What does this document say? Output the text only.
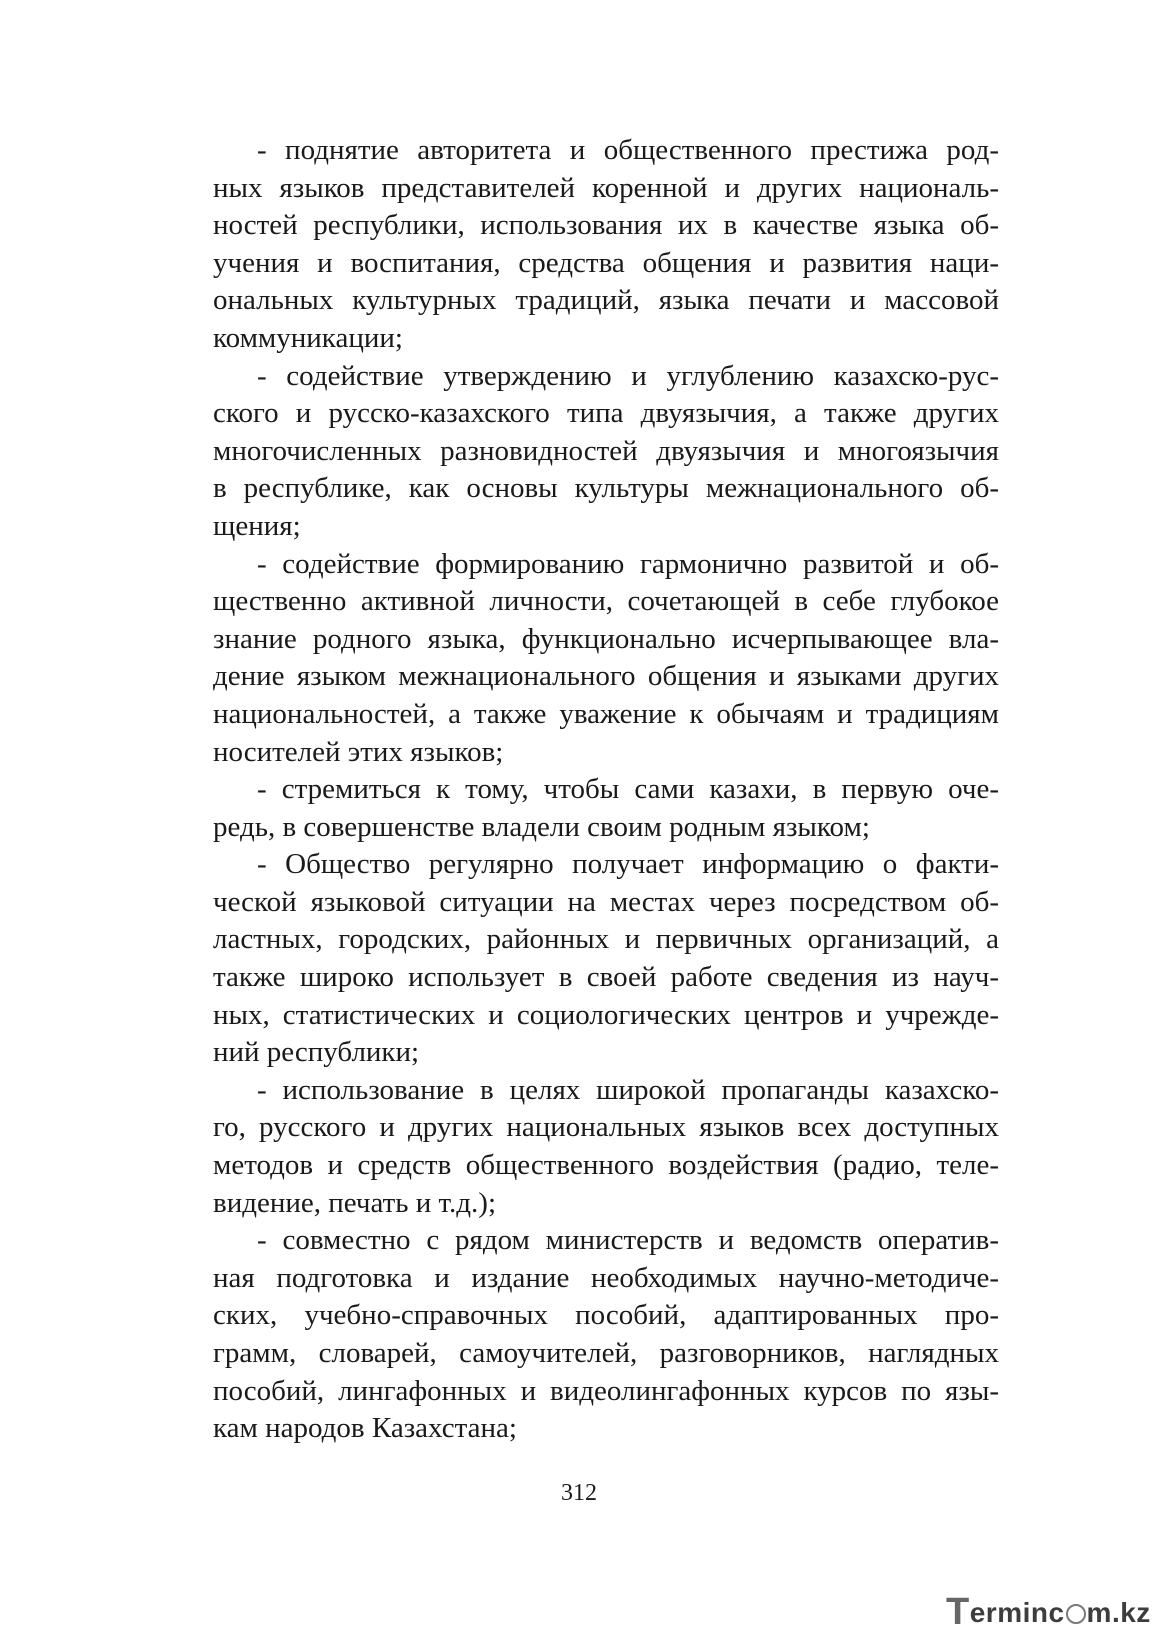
- поднятие авторитета и общественного престижа род-
ных языков представителей коренной и других националь-
ностей республики, использования их в качестве языка об-
учения и воспитания, средства общения и развития наци-
ональных культурных традиций, языка печати и массовой
коммуникации;
- содействие утверждению и углублению казахско-рус-
ского и русско-казахского типа двуязычия, а также других
многочисленных разновидностей двуязычия и многоязычия
в республике, как основы культуры межнационального об-
щения;
- содействие формированию гармонично развитой и об-
щественно активной личности, сочетающей в себе глубокое
знание родного языка, функционально исчерпывающее вла-
дение языком межнационального общения и языками других
национальностей, а также уважение к обычаям и традициям
носителей этих языков;
- стремиться к тому, чтобы сами казахи, в первую оче-
редь, в совершенстве владели своим родным языком;
- Общество регулярно получает информацию о факти-
ческой языковой ситуации на местах через посредством об-
ластных, городских, районных и первичных организаций, а
также широко использует в своей работе сведения из науч-
ных, статистических и социологических центров и учрежде-
ний республики;
- использование в целях широкой пропаганды казахско-
го, русского и других национальных языков всех доступных
методов и средств общественного воздействия (радио, теле-
видение, печать и т.д.);
- совместно с рядом министерств и ведомств оператив-
ная подготовка и издание необходимых научно-методиче-
ских, учебно-справочных пособий, адаптированных про-
грамм, словарей, самоучителей, разговорников, наглядных
пособий, лингафонных и видеолингафонных курсов по язы-
кам народов Казахстана;
312
Terminc m.kz
